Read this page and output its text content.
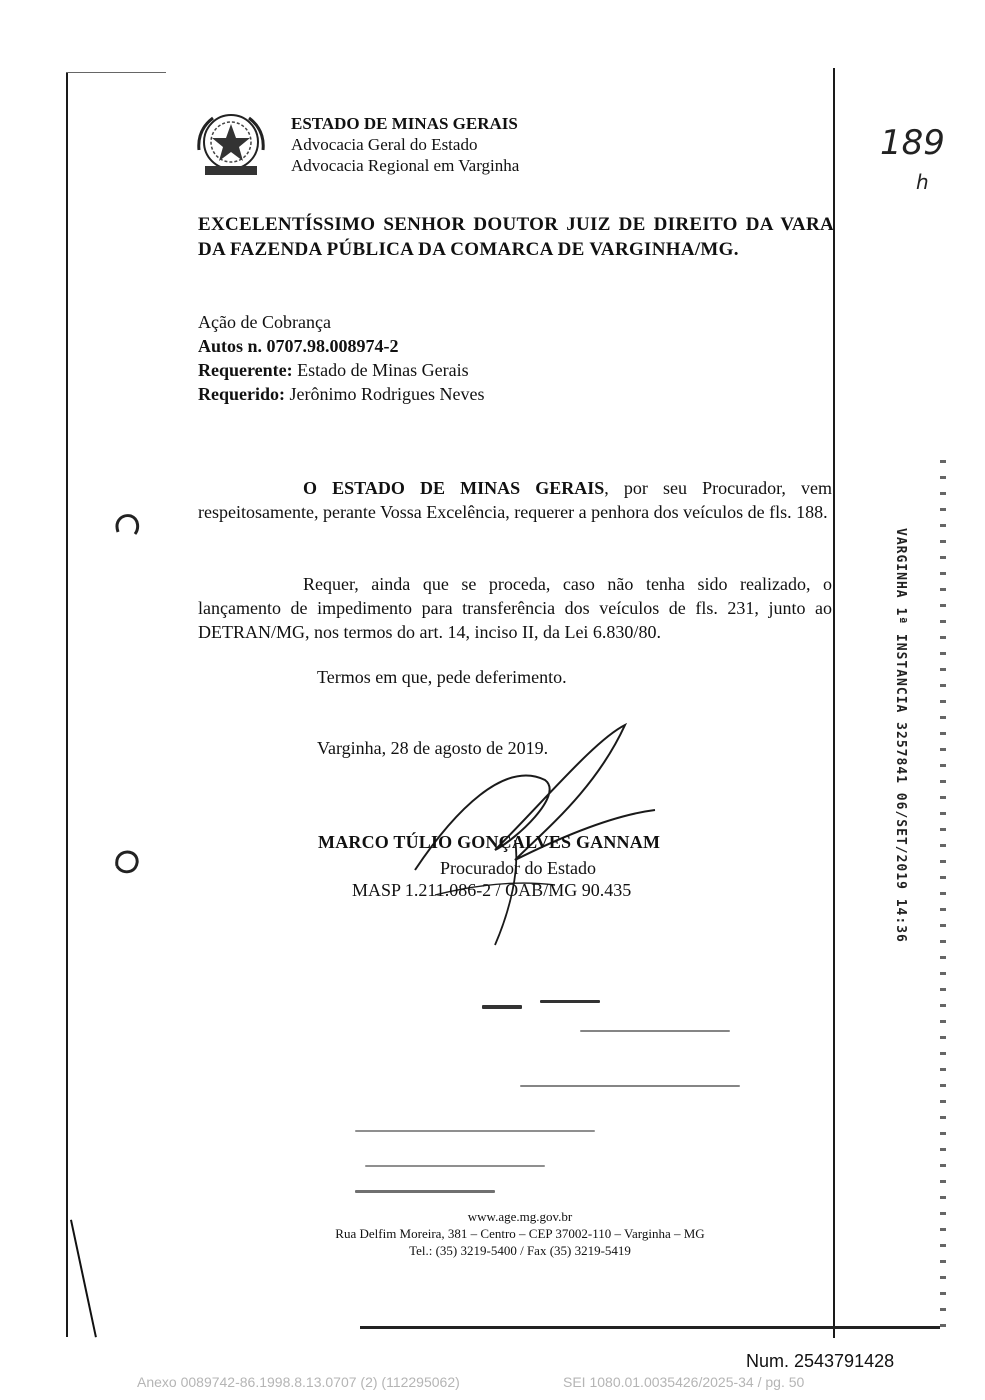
ESTADO DE MINAS GERAIS
Advocacia Geral do Estado
Advocacia Regional em Varginha
EXCELENTÍSSIMO SENHOR DOUTOR JUIZ DE DIREITO DA VARA DA FAZENDA PÚBLICA DA COMARCA DE VARGINHA/MG.
Ação de Cobrança
Autos n. 0707.98.008974-2
Requerente: Estado de Minas Gerais
Requerido: Jerônimo Rodrigues Neves
O ESTADO DE MINAS GERAIS, por seu Procurador, vem respeitosamente, perante Vossa Excelência, requerer a penhora dos veículos de fls. 188.
Requer, ainda que se proceda, caso não tenha sido realizado, o lançamento de impedimento para transferência dos veículos de fls. 231, junto ao DETRAN/MG, nos termos do art. 14, inciso II, da Lei 6.830/80.
Termos em que, pede deferimento.
Varginha, 28 de agosto de 2019.
MARCO TÚLIO GONÇALVES GANNAM
Procurador do Estado
MASP 1.211.086-2 / OAB/MG 90.435
www.age.mg.gov.br
Rua Delfim Moreira, 381 – Centro – CEP 37002-110 – Varginha – MG
Tel.: (35) 3219-5400 / Fax (35) 3219-5419
VARGINHA 1ª INSTANCIA 3257841 06/SET/2019 14:36
189
h
Num. 2543791428
Anexo 0089742-86.1998.8.13.0707 (2) (112295062)	SEI 1080.01.0035426/2025-34 / pg. 50
